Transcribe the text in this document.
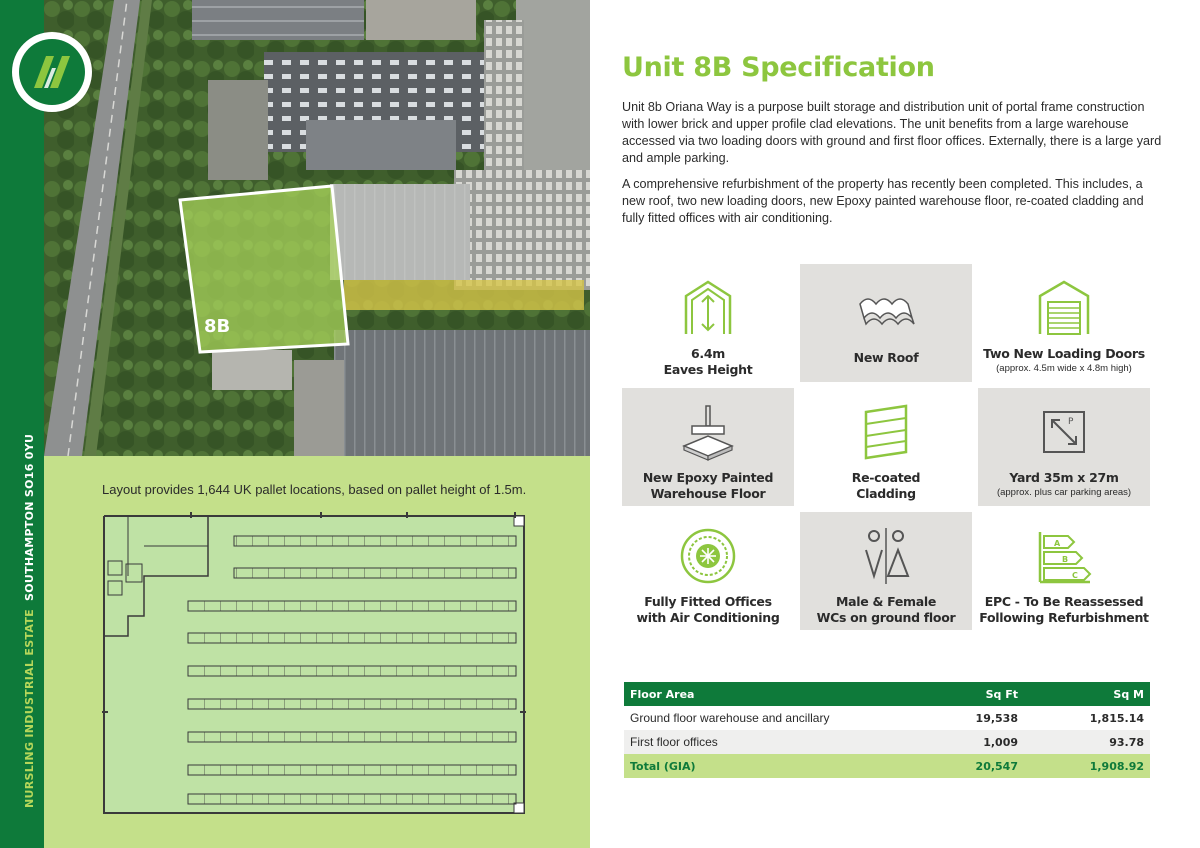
NURSLING INDUSTRIAL ESTATESOUTHAMPTON SO16 0YU
8B
Layout provides 1,644 UK pallet locations, based on pallet height of 1.5m.
Unit 8B Specification
Unit 8b Oriana Way is a purpose built storage and distribution unit of portal frame construction with lower brick and upper profile clad elevations. The unit benefits from a large warehouse accessed via two loading doors with ground and first floor offices. Externally, there is a large yard and ample parking.
A comprehensive refurbishment of the property has recently been completed. This includes, a new roof, two new loading doors, new Epoxy painted warehouse floor, re-coated cladding and fully fitted offices with air conditioning.
6.4m
Eaves Height
New Roof	Two New Loading Doors
(approx. 4.5m wide x 4.8m high)
New Epoxy Painted
Warehouse Floor
Re-coated
Cladding
P
Yard 35m x 27m
(approx. plus car parking areas)
Fully Fitted Offices
with Air Conditioning
Male & Female
WCs on ground floor
A
B
C
EPC - To Be Reassessed
Following Refurbishment
Floor Area	Sq Ft	Sq M
Ground floor warehouse and ancillary	19,538	1,815.14
First floor offices	1,009	93.78
Total (GIA)	20,547	1,908.92
